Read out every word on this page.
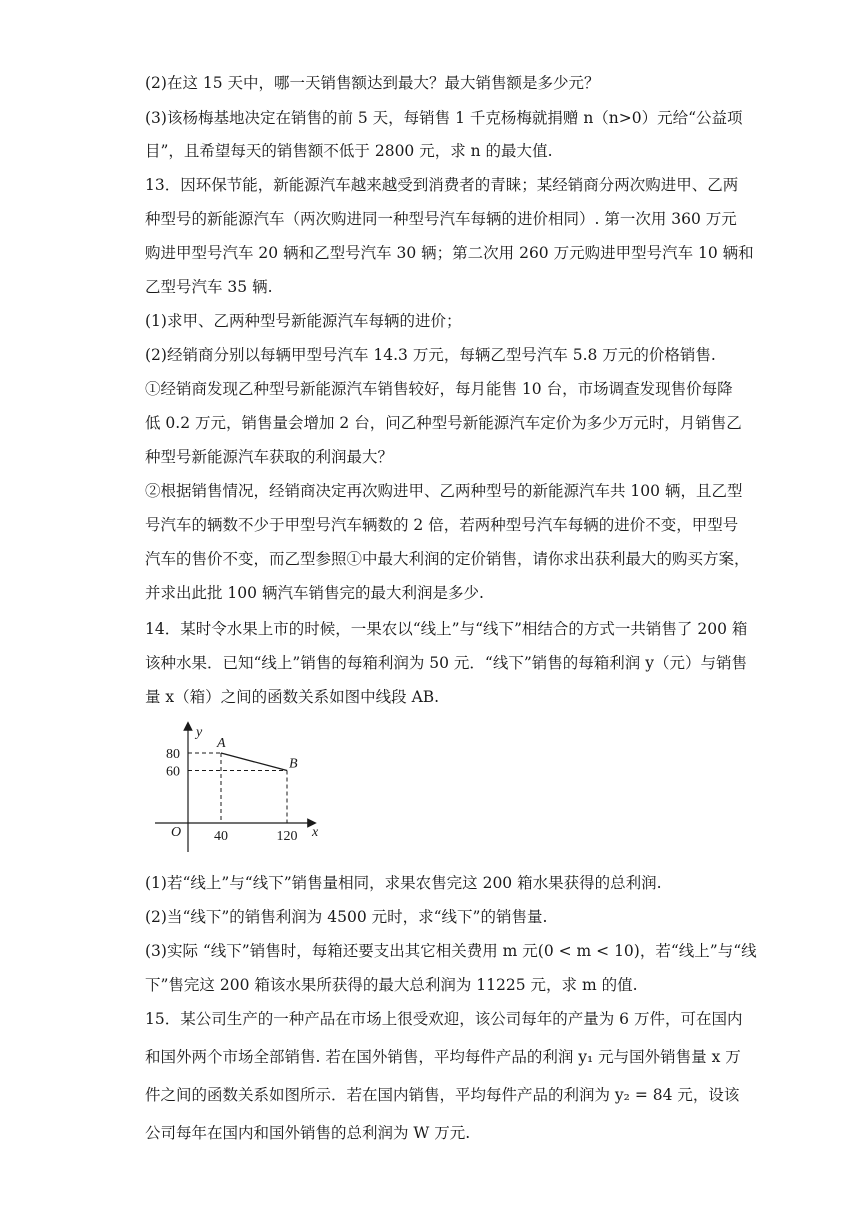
(2)在这 15 天中，哪一天销售额达到最大？最大销售额是多少元？
(3)该杨梅基地决定在销售的前 5 天，每销售 1 千克杨梅就捐赠 n（n>0）元给“公益项
目”，且希望每天的销售额不低于 2800 元，求 n 的最大值.
13．因环保节能，新能源汽车越来越受到消费者的青睐；某经销商分两次购进甲、乙两
种型号的新能源汽车（两次购进同一种型号汽车每辆的进价相同）. 第一次用 360 万元
购进甲型号汽车 20 辆和乙型号汽车 30 辆；第二次用 260 万元购进甲型号汽车 10 辆和
乙型号汽车 35 辆.
(1)求甲、乙两种型号新能源汽车每辆的进价；
(2)经销商分别以每辆甲型号汽车 14.3 万元，每辆乙型号汽车 5.8 万元的价格销售.
①经销商发现乙种型号新能源汽车销售较好，每月能售 10 台，市场调查发现售价每降
低 0.2 万元，销售量会增加 2 台，问乙种型号新能源汽车定价为多少万元时，月销售乙
种型号新能源汽车获取的利润最大？
②根据销售情况，经销商决定再次购进甲、乙两种型号的新能源汽车共 100 辆，且乙型
号汽车的辆数不少于甲型号汽车辆数的 2 倍，若两种型号汽车每辆的进价不变，甲型号
汽车的售价不变，而乙型参照①中最大利润的定价销售，请你求出获利最大的购买方案，
并求出此批 100 辆汽车销售完的最大利润是多少.
14．某时令水果上市的时候，一果农以“线上”与“线下”相结合的方式一共销售了 200 箱
该种水果．已知“线上”销售的每箱利润为 50 元．“线下”销售的每箱利润 y（元）与销售
量 x（箱）之间的函数关系如图中线段 AB.
y
x
O
80
60
40	120
A
B
(1)若“线上”与“线下”销售量相同，求果农售完这 200 箱水果获得的总利润.
(2)当“线下”的销售利润为 4500 元时，求“线下”的销售量.
(3)实际 “线下”销售时，每箱还要支出其它相关费用 m 元(0 < m < 10)，若“线上”与“线
下”售完这 200 箱该水果所获得的最大总利润为 11225 元，求 m 的值.
15．某公司生产的一种产品在市场上很受欢迎，该公司每年的产量为 6 万件，可在国内
和国外两个市场全部销售. 若在国外销售，平均每件产品的利润 y₁ 元与国外销售量 x 万
件之间的函数关系如图所示．若在国内销售，平均每件产品的利润为 y₂ = 84 元，设该
公司每年在国内和国外销售的总利润为 W 万元.
